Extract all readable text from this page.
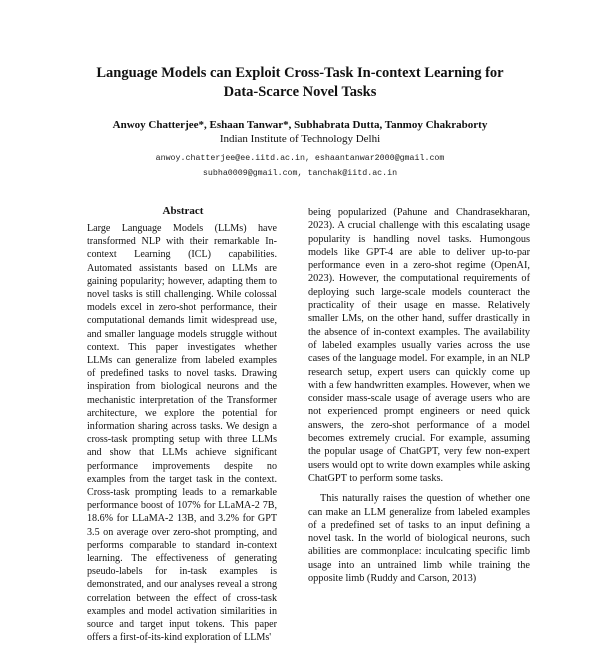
Language Models can Exploit Cross-Task In-context Learning for
Data-Scarce Novel Tasks
Anwoy Chatterjee*, Eshaan Tanwar*, Subhabrata Dutta, Tanmoy Chakraborty
Indian Institute of Technology Delhi
anwoy.chatterjee@ee.iitd.ac.in, eshaantanwar2000@gmail.com
subha0009@gmail.com, tanchak@iitd.ac.in
Abstract

Large Language Models (LLMs) have transformed NLP with their remarkable In-context Learning (ICL) capabilities. Automated assistants based on LLMs are gaining popularity; however, adapting them to novel tasks is still challenging. While colossal models excel in zero-shot performance, their computational demands limit widespread use, and smaller language models struggle without context. This paper investigates whether LLMs can generalize from labeled examples of predefined tasks to novel tasks. Drawing inspiration from biological neurons and the mechanistic interpretation of the Transformer architecture, we explore the potential for information sharing across tasks. We design a cross-task prompting setup with three LLMs and show that LLMs achieve significant performance improvements despite no examples from the target task in the context. Cross-task prompting leads to a remarkable performance boost of 107% for LLaMA-2 7B, 18.6% for LLaMA-2 13B, and 3.2% for GPT 3.5 on average over zero-shot prompting, and performs comparable to standard in-context learning. The effectiveness of generating pseudo-labels for in-task examples is demonstrated, and our analyses reveal a strong correlation between the effect of cross-task examples and model activation similarities in source and target input tokens. This paper offers a first-of-its-kind exploration of LLMs'

being popularized (Pahune and Chandrasekharan, 2023). A crucial challenge with this escalating usage popularity is handling novel tasks. Humongous models like GPT-4 are able to deliver up-to-par performance even in a zero-shot regime (OpenAI, 2023). However, the computational requirements of deploying such large-scale models counteract the practicality of their usage en masse. Relatively smaller LMs, on the other hand, suffer drastically in the absence of in-context examples. The availability of labeled examples usually varies across the use cases of the language model. For example, in an NLP research setup, expert users can quickly come up with a few handwritten examples. However, when we consider mass-scale usage of average users who are not experienced prompt engineers or need quick answers, the zero-shot performance of a model becomes extremely crucial. For example, assuming the popular usage of ChatGPT, very few non-expert users would opt to write down examples while asking ChatGPT to perform some tasks.

This naturally raises the question of whether one can make an LLM generalize from labeled examples of a predefined set of tasks to an input defining a novel task. In the world of biological neurons, such abilities are commonplace: inculcating specific limb usage into an untrained limb while training the opposite limb (Ruddy and Carson, 2013)
